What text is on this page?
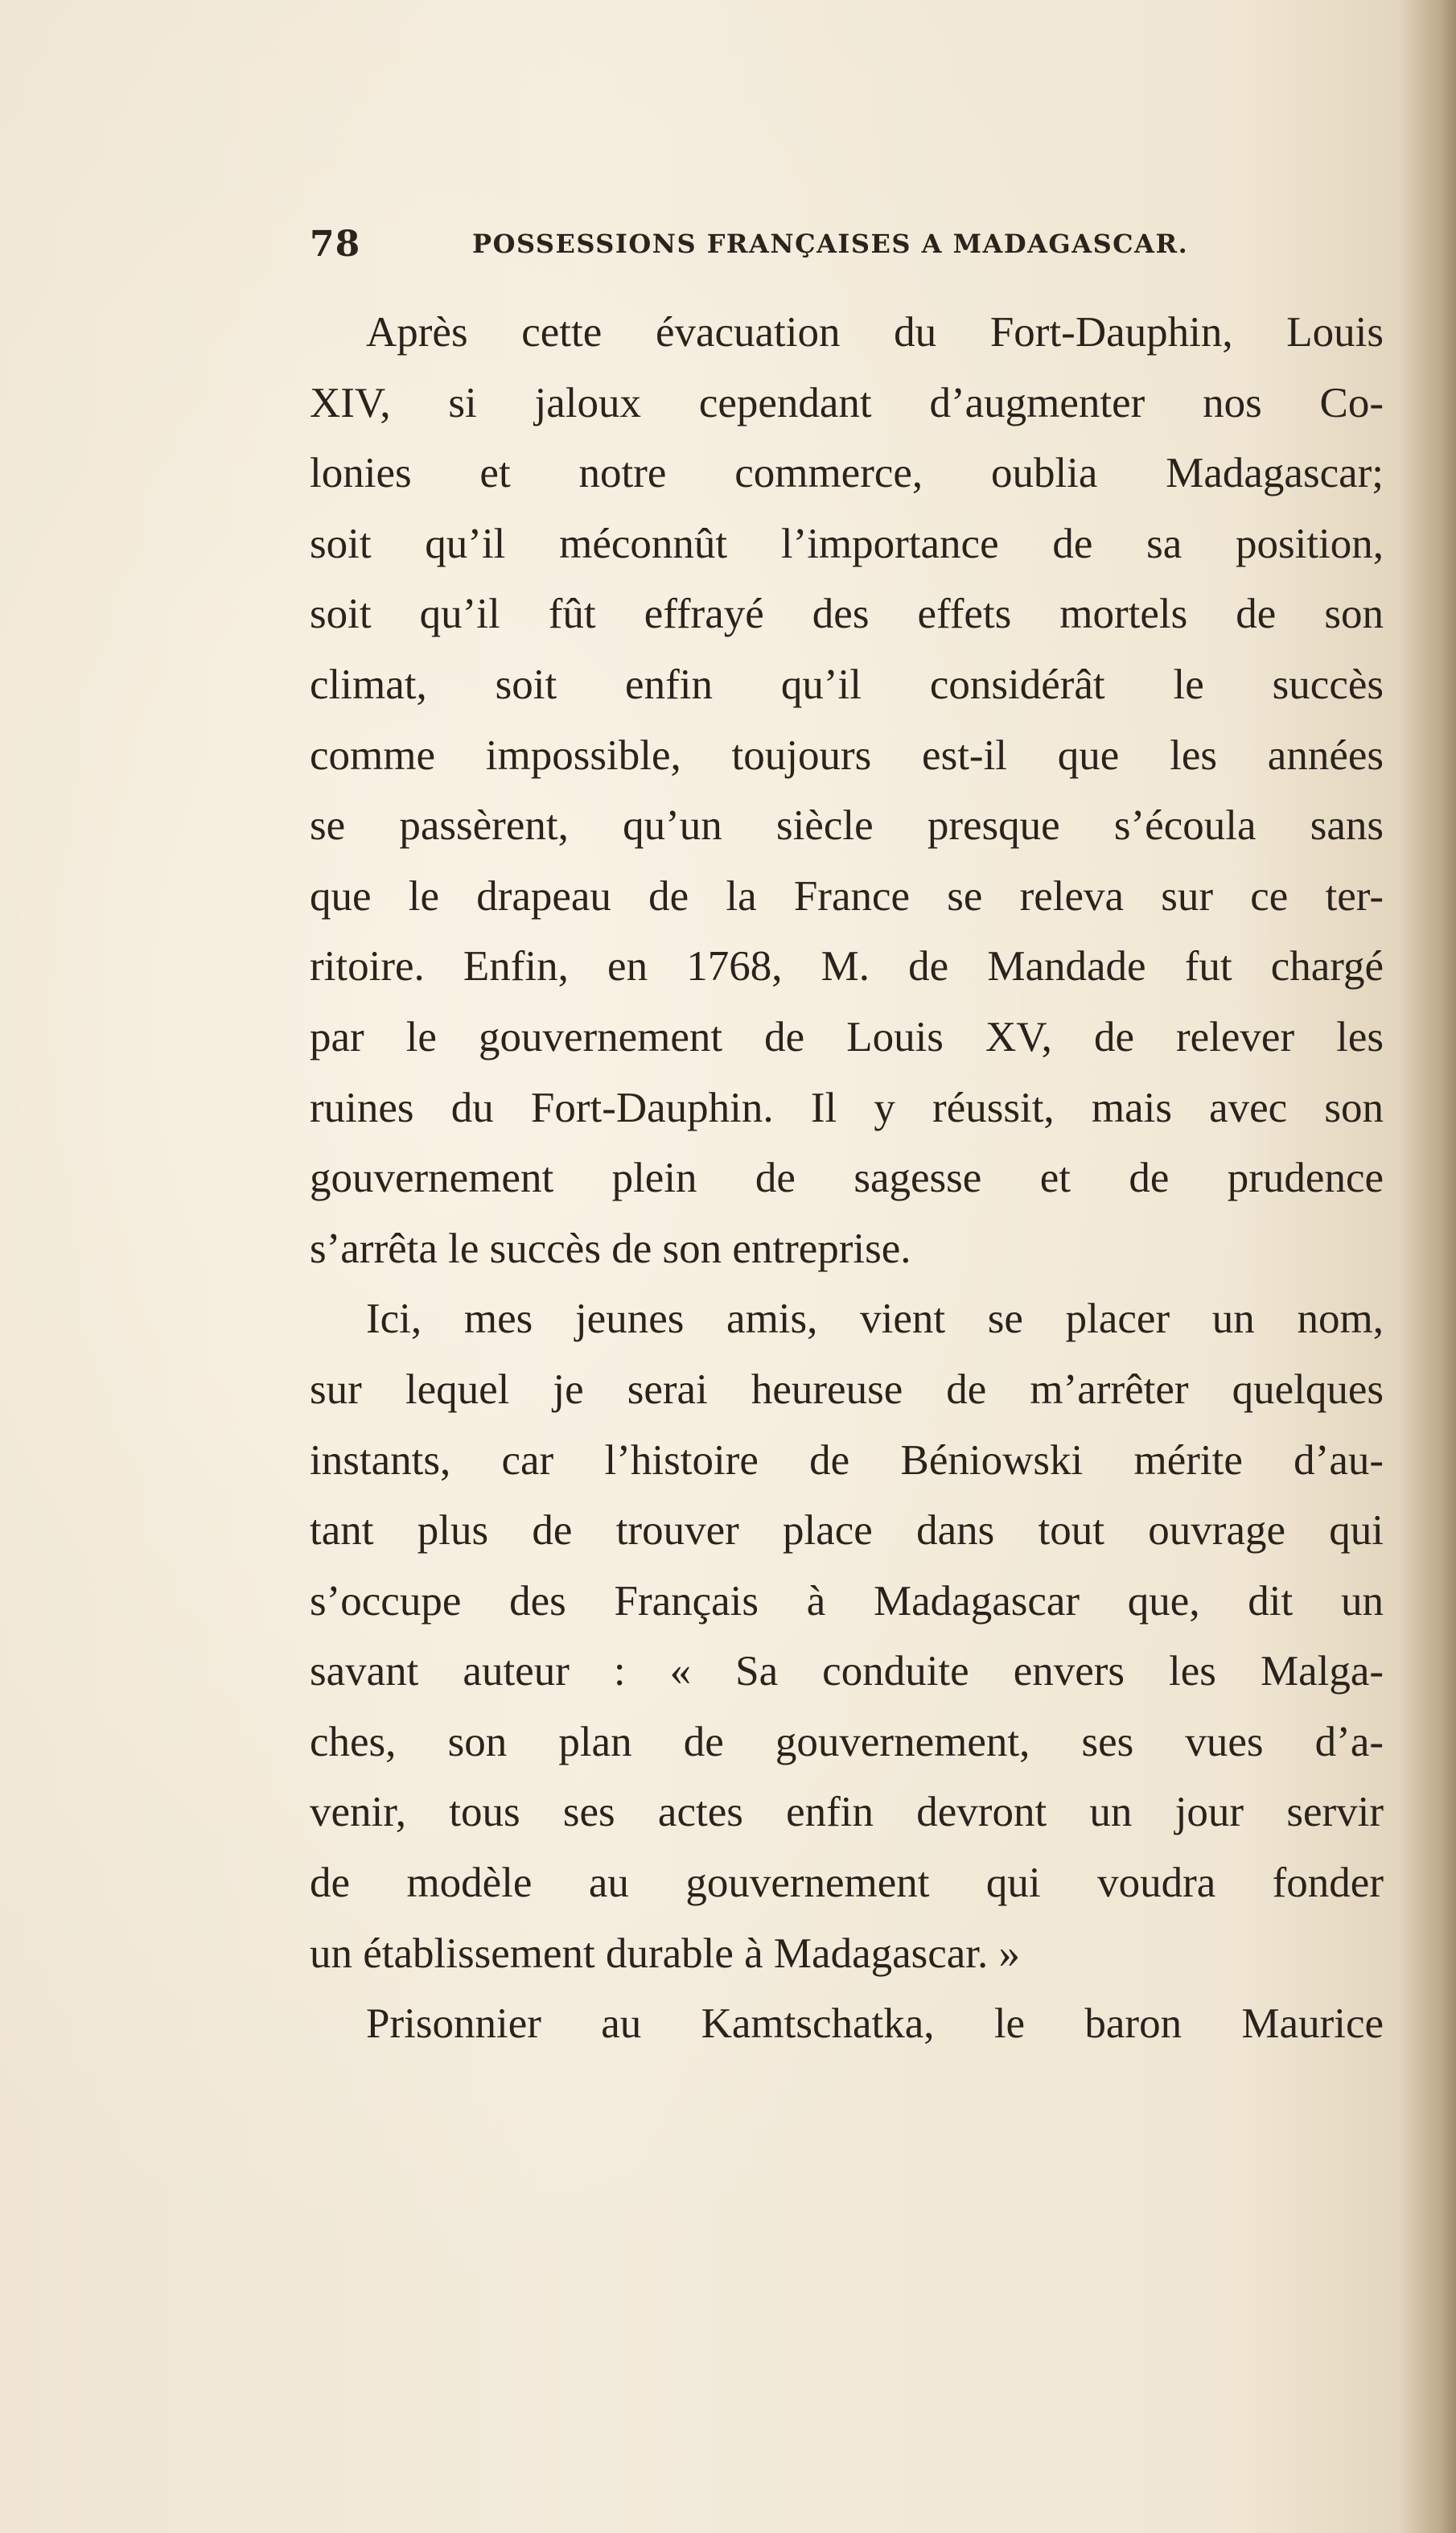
78	POSSESSIONS FRANÇAISES A MADAGASCAR.
Après cette évacuation du Fort-Dauphin, Louis
XIV, si jaloux cependant d’augmenter nos Co-
lonies et notre commerce, oublia Madagascar;
soit qu’il méconnût l’importance de sa position,
soit qu’il fût effrayé des effets mortels de son
climat, soit enfin qu’il considérât le succès
comme impossible, toujours est-il que les années
se passèrent, qu’un siècle presque s’écoula sans
que le drapeau de la France se releva sur ce ter-
ritoire. Enfin, en 1768, M. de Mandade fut chargé
par le gouvernement de Louis XV, de relever les
ruines du Fort-Dauphin. Il y réussit, mais avec son
gouvernement plein de sagesse et de prudence
s’arrêta le succès de son entreprise.
Ici, mes jeunes amis, vient se placer un nom,
sur lequel je serai heureuse de m’arrêter quelques
instants, car l’histoire de Béniowski mérite d’au-
tant plus de trouver place dans tout ouvrage qui
s’occupe des Français à Madagascar que, dit un
savant auteur : « Sa conduite envers les Malga-
ches, son plan de gouvernement, ses vues d’a-
venir, tous ses actes enfin devront un jour servir
de modèle au gouvernement qui voudra fonder
un établissement durable à Madagascar. »
Prisonnier au Kamtschatka, le baron Maurice
